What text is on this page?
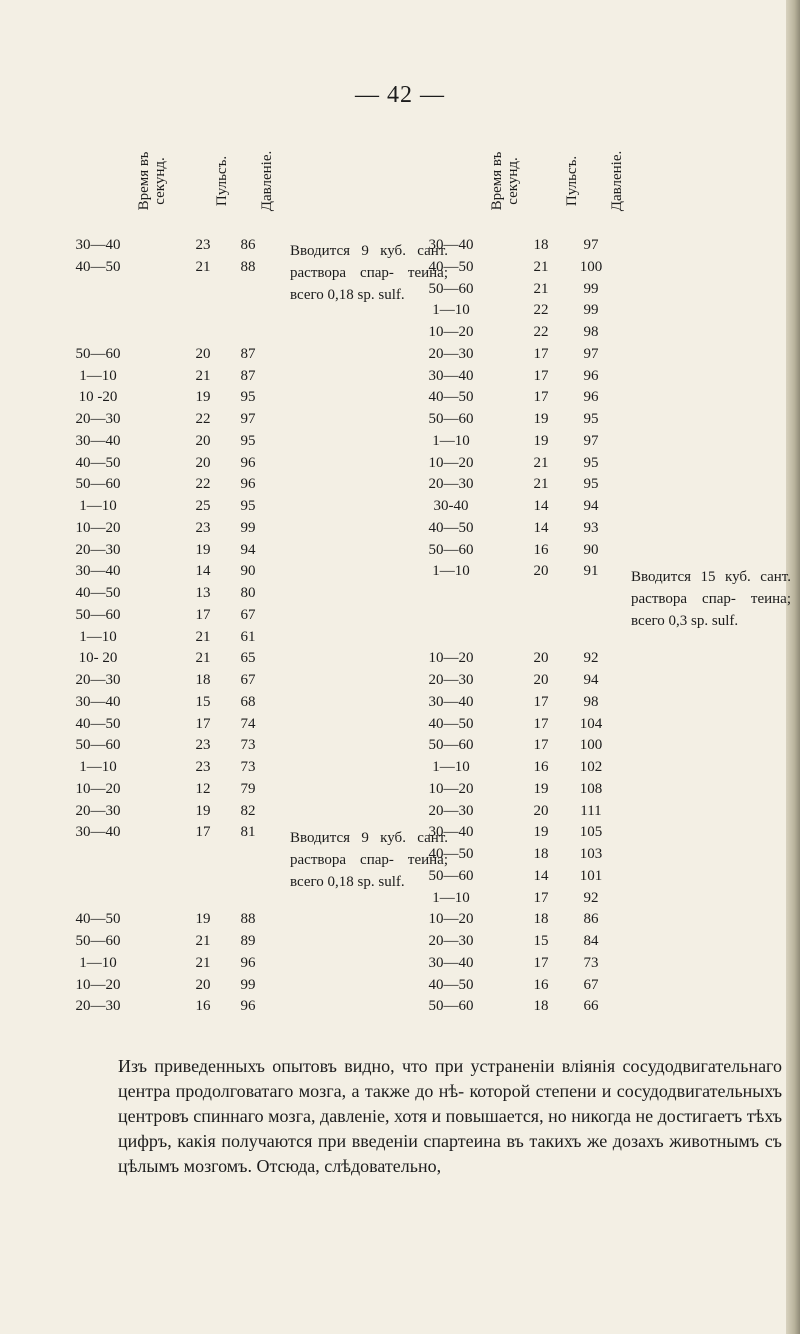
— 42 —
Время въ секунд.	Пульсъ. Давленіе.	Время въ секунд.	Пульсъ. Давленіе.
30—40	23	86
40—50	21	88
50—60	20	87
1—10	21	87
10 -20	19	95
20—30	22	97
30—40	20	95
40—50	20	96
50—60	22	96
1—10	25	95
10—20	23	99
20—30	19	94
30—40	14	90
40—50	13	80
50—60	17	67
1—10	21	61
10- 20	21	65
20—30	18	67
30—40	15	68
40—50	17	74
50—60	23	73
1—10	23	73
10—20	12	79
20—30	19	82
30—40	17	81
40—50	19	88
50—60	21	89
1—10	21	96
10—20	20	99
20—30	16	96
30—40	18	97
40—50	21	100
50—60	21	99
1—10	22	99
10—20	22	98
20—30	17	97
30—40	17	96
40—50	17	96
50—60	19	95
1—10	19	97
10—20	21	95
20—30	21	95
30-40	14	94
40—50	14	93
50—60	16	90
1—10	20	91
10—20	20	92
20—30	20	94
30—40	17	98
40—50	17	104
50—60	17	100
1—10	16	102
10—20	19	108
20—30	20	111
30—40	19	105
40—50	18	103
50—60	14	101
1—10	17	92
10—20	18	86
20—30	15	84
30—40	17	73
40—50	16	67
50—60	18	66
Вводится 9 куб. сант. растворa спар- теина; всего 0,18 sp. sulf.
Вводится 15 куб. сант. растворa спар- теина; всего 0,3 sp. sulf.
Вводится 9 куб. сант. растворa спар- теина; всего 0,18 sp. sulf.
Изъ приведенныхъ опытовъ видно, что при устраненіи вліянія сосудодвигательнаго центра продолговатаго мозга, а также до нѣ- которой степени и сосудодвигательныхъ центровъ спиннаго мозга, давленіе, хотя и повышается, но никогда не достигаетъ тѣхъ цифръ, какія получаются при введеніи спартеина въ такихъ же дозахъ живoтнымъ съ цѣлымъ мозгомъ. Отсюда, слѣдовательно,
